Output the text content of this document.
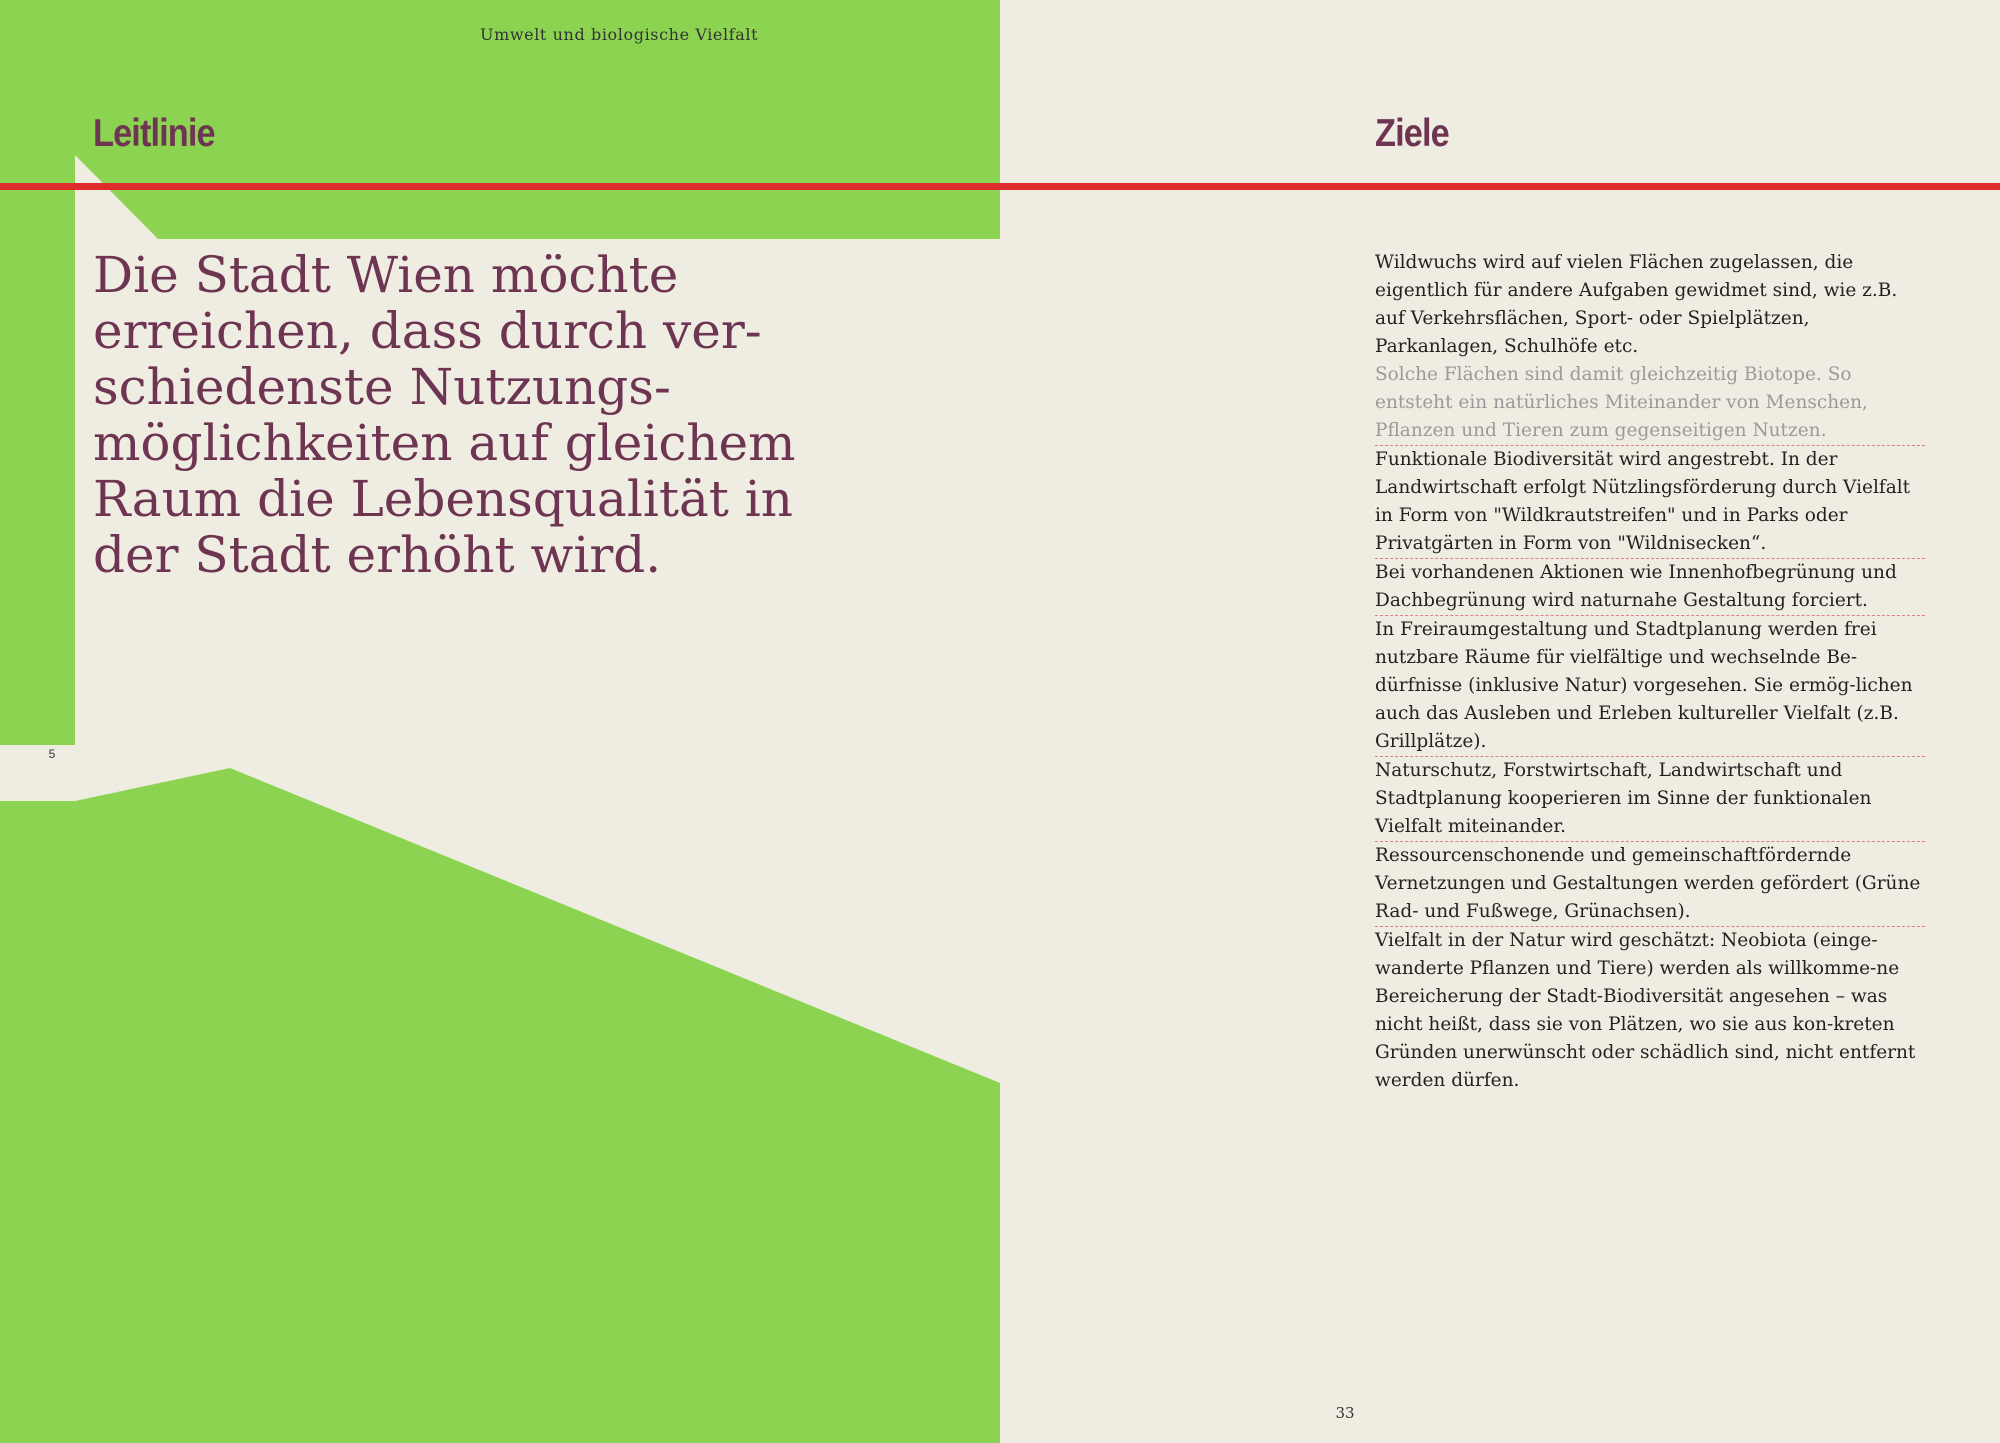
Umwelt und biologische Vielfalt

Leitlinie

Die Stadt Wien möchte erreichen, dass durch ver-schiedenste Nutzungs-möglichkeiten auf gleichem Raum die Lebensqualität in der Stadt erhöht wird.

5
Ziele
Wildwuchs wird auf vielen Flächen zugelassen, die eigentlich für andere Aufgaben gewidmet sind, wie z.B. auf Verkehrsflächen, Sport- oder Spielplätzen, Parkanlagen, Schulhöfe etc.
Solche Flächen sind damit gleichzeitig Biotope. So entsteht ein natürliches Miteinander von Menschen, Pflanzen und Tieren zum gegenseitigen Nutzen.
Funktionale Biodiversität wird angestrebt. In der Landwirtschaft erfolgt Nützlingsförderung durch Vielfalt in Form von "Wildkrautstreifen" und in Parks oder Privatgärten in Form von "Wildnisecken“.
Bei vorhandenen Aktionen wie Innenhofbegrünung und Dachbegrünung wird naturnahe Gestaltung forciert.
In Freiraumgestaltung und Stadtplanung werden frei nutzbare Räume für vielfältige und wechselnde Be-dürfnisse (inklusive Natur) vorgesehen. Sie ermög-lichen auch das Ausleben und Erleben kultureller Vielfalt (z.B. Grillplätze).
Naturschutz, Forstwirtschaft, Landwirtschaft und Stadtplanung kooperieren im Sinne der funktionalen Vielfalt miteinander.
Ressourcenschonende und gemeinschaftfördernde Vernetzungen und Gestaltungen werden gefördert (Grüne Rad- und Fußwege, Grünachsen).
Vielfalt in der Natur wird geschätzt: Neobiota (einge-wanderte Pflanzen und Tiere) werden als willkomme-ne Bereicherung der Stadt-Biodiversität angesehen – was nicht heißt, dass sie von Plätzen, wo sie aus kon-kreten Gründen unerwünscht oder schädlich sind, nicht entfernt werden dürfen.
33
